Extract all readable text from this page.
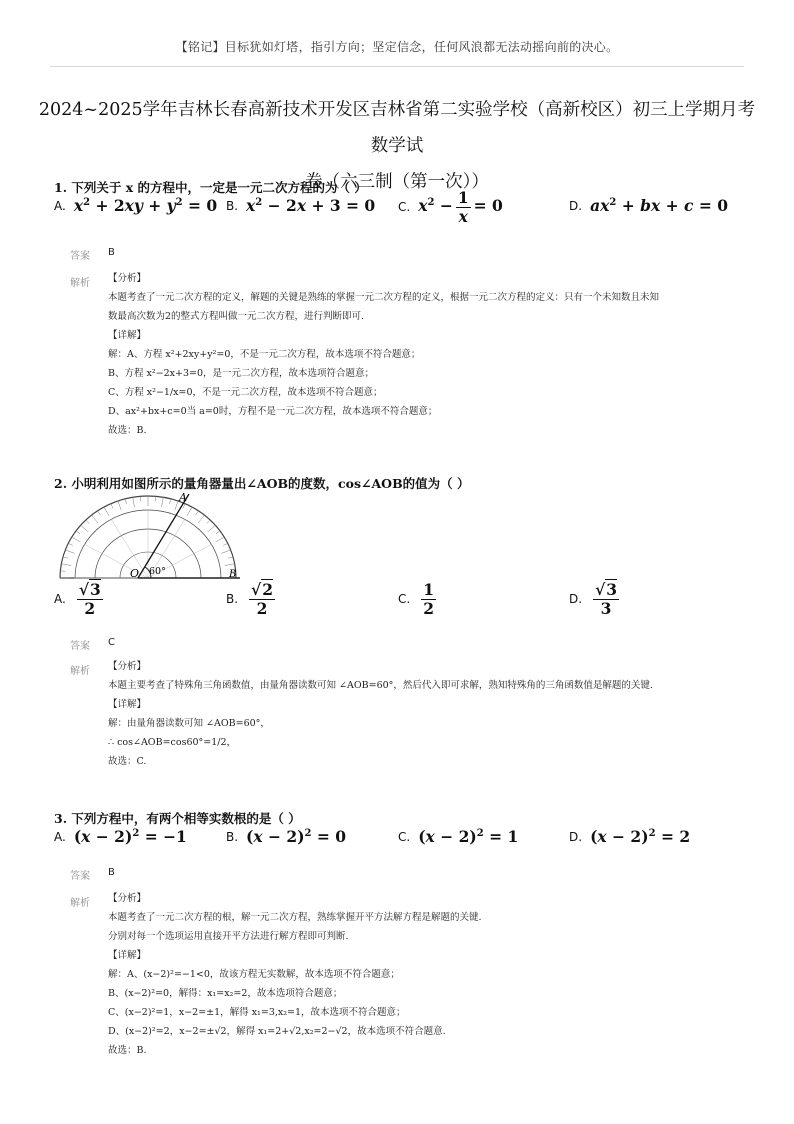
【铭记】目标犹如灯塔，指引方向；坚定信念，任何风浪都无法动摇向前的决心。
2024~2025学年吉林长春高新技术开发区吉林省第二实验学校（高新校区）初三上学期月考数学试
卷（六三制（第一次））
1. 下列关于 x 的方程中，一定是一元二次方程的为（ ）
A. $x^2 + 2xy + y^2 = 0$ B. $x^2 - 2x + 3 = 0$ C. $x^2 - \frac{1}{x} = 0$	D. $ax^2$ + bx + c = 0
答案 B
解析 【分析】
本题考查了一元二次方程的定义，解题的关键是熟练的掌握一元二次方程的定义，根据一元二次方程的定义：只有一个未知数且未知
数最高次数为2的整式方程叫做一元二次方程，进行判断即可.
【详解】
解：A、方程 x²+2xy+y²=0，不是一元二次方程，故本选项不符合题意；
B、方程 x²−2x+3=0，是一元二次方程，故本选项符合题意；
C、方程 x²−1/x=0，不是一元二次方程，故本选项不符合题意；
D、ax²+bx+c=0当 a=0时，方程不是一元二次方程，故本选项不符合题意；
故选：B.
2. 小明利用如图所示的量角器量出∠AOB的度数，cos∠AOB的值为（ ）
A
O	B
60°
A. $\frac{√3}{2}$	B. $\frac{√2}{2}$	C. $\frac{1}{2}$	D. $\frac{√3}{3}$
答案 C
解析 【分析】
本题主要考查了特殊角三角函数值，由量角器读数可知 ∠AOB=60°，然后代入即可求解，熟知特殊角的三角函数值是解题的关键.
【详解】
解：由量角器读数可知 ∠AOB=60°，
∴ cos∠AOB=cos60°=1/2，
故选：C.
3. 下列方程中，有两个相等实数根的是（ ）
A. $(x - 2)^2 = -1$	B. $(x - 2)^2 = 0$	C. $(x - 2)^2 = 1$	D. $(x - 2)^2 = 2$
答案 B
解析 【分析】
本题考查了一元二次方程的根，解一元二次方程，熟练掌握开平方法解方程是解题的关键.
分别对每一个选项运用直接开平方法进行解方程即可判断.
【详解】
解：A、(x−2)²=−1<0，故该方程无实数解，故本选项不符合题意；
B、(x−2)²=0，解得：x₁=x₂=2，故本选项符合题意；
C、(x−2)²=1，x−2=±1，解得 x₁=3,x₂=1，故本选项不符合题意；
D、(x−2)²=2，x−2=±√2，解得 x₁=2+√2,x₂=2−√2，故本选项不符合题意.
故选：B.
